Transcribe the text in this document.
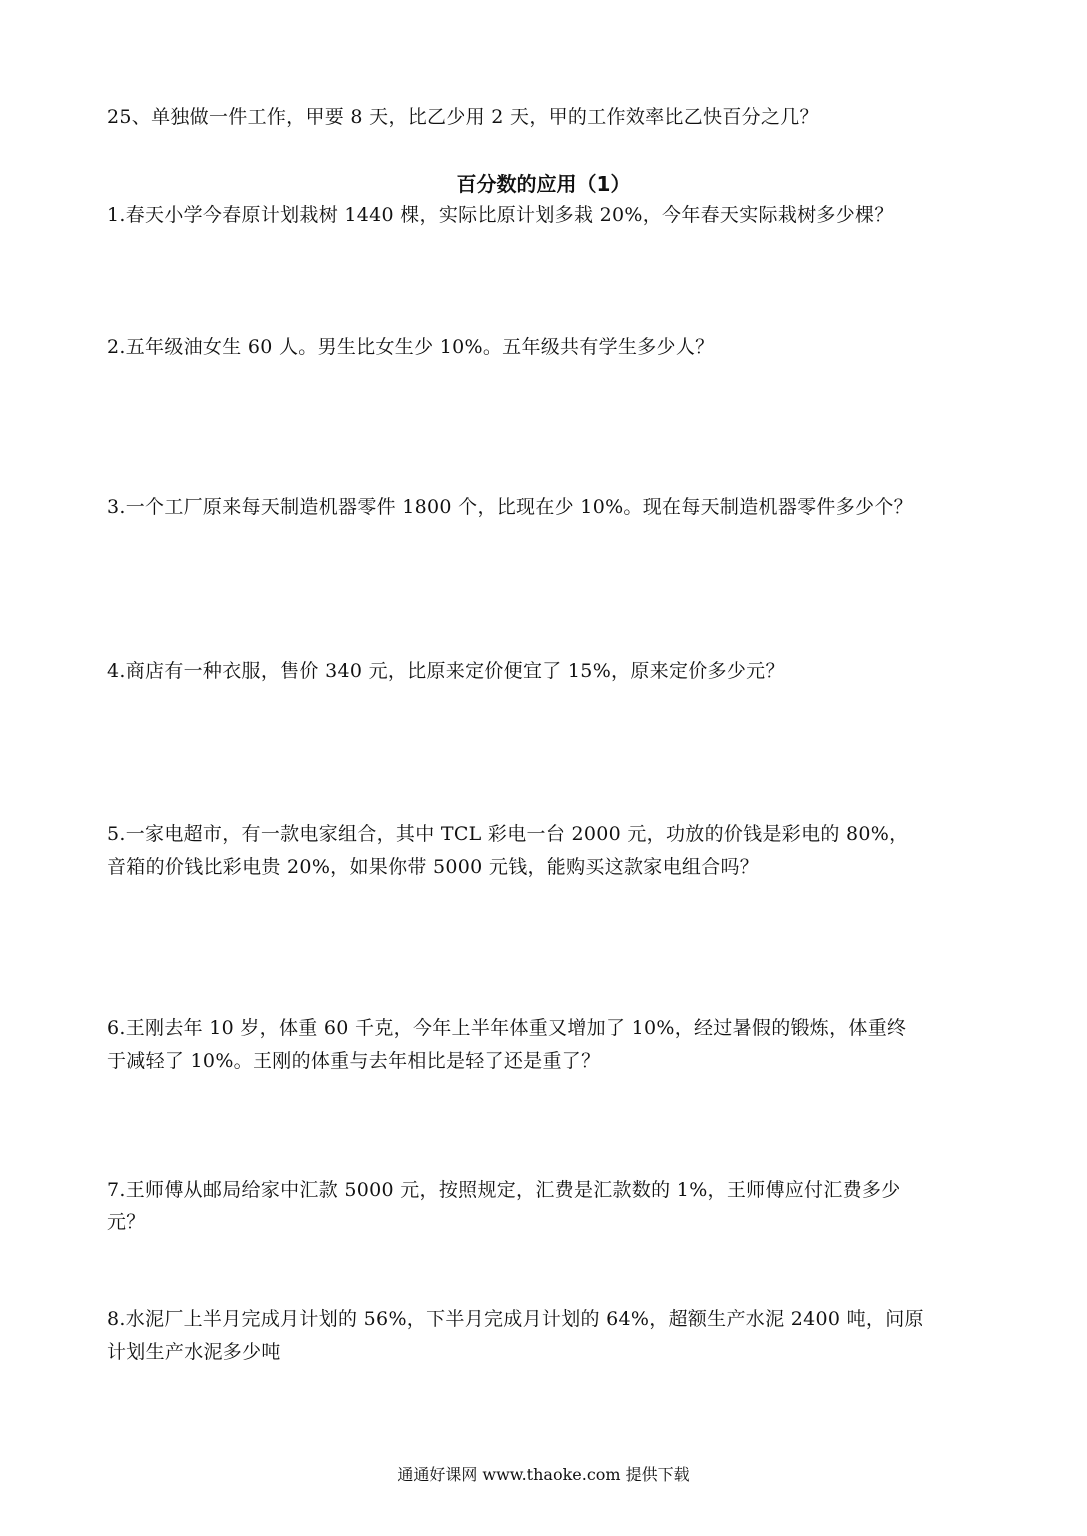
25、单独做一件工作，甲要 8 天，比乙少用 2 天，甲的工作效率比乙快百分之几？
百分数的应用（1）
1.春天小学今春原计划栽树 1440 棵，实际比原计划多栽 20%，今年春天实际栽树多少棵？
2.五年级油女生 60 人。男生比女生少 10%。五年级共有学生多少人？
3.一个工厂原来每天制造机器零件 1800 个，比现在少 10%。现在每天制造机器零件多少个？
4.商店有一种衣服，售价 340 元，比原来定价便宜了 15%，原来定价多少元？
5.一家电超市，有一款电家组合，其中 TCL 彩电一台 2000 元，功放的价钱是彩电的 80%，
音箱的价钱比彩电贵 20%，如果你带 5000 元钱，能购买这款家电组合吗？
6.王刚去年 10 岁，体重 60 千克，今年上半年体重又增加了 10%，经过暑假的锻炼，体重终
于减轻了 10%。王刚的体重与去年相比是轻了还是重了？
7.王师傅从邮局给家中汇款 5000 元，按照规定，汇费是汇款数的 1%，王师傅应付汇费多少
元？
8.水泥厂上半月完成月计划的 56%，下半月完成月计划的 64%，超额生产水泥 2400 吨，问原
计划生产水泥多少吨
通通好课网 www.thaoke.com 提供下载
